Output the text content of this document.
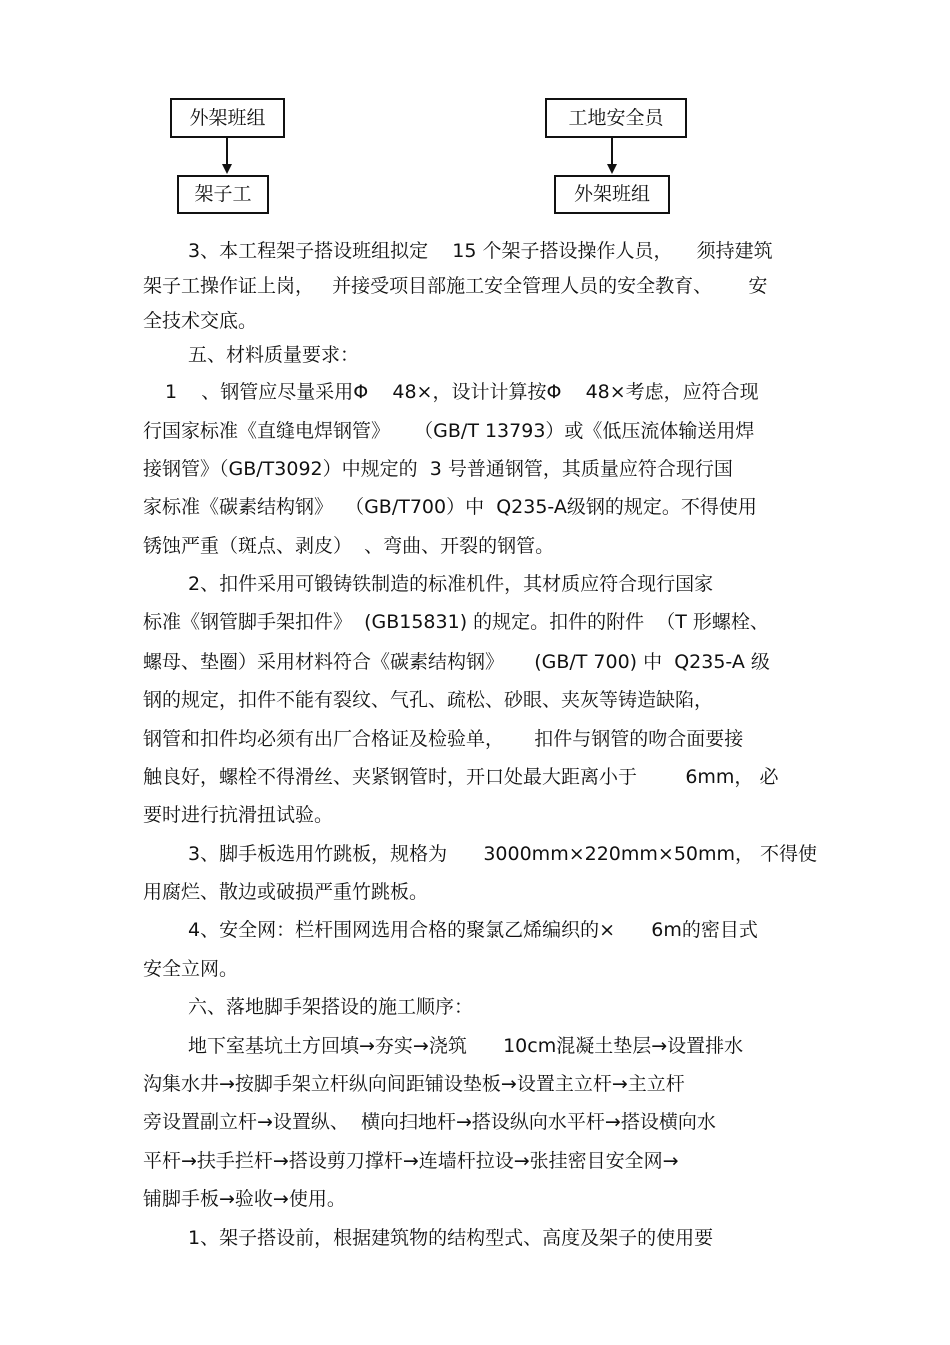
外架班组
架子工
工地安全员
外架班组
3、本工程架子搭设班组拟定    15 个架子搭设操作人员，    须持建筑
架子工操作证上岗，   并接受项目部施工安全管理人员的安全教育、      安
全技术交底。
五、材料质量要求：
1    、钢管应尽量采用Φ    48×，设计计算按Φ    48×考虑，应符合现
行国家标准《直缝电焊钢管》    （GB/T 13793）或《低压流体输送用焊
接钢管》（GB/T3092）中规定的  3 号普通钢管，其质量应符合现行国
家标准《碳素结构钢》  （GB/T700）中  Q235-A级钢的规定。不得使用
锈蚀严重（斑点、剥皮）  、弯曲、开裂的钢管。
2、扣件采用可锻铸铁制造的标准机件，其材质应符合现行国家
标准《钢管脚手架扣件》  (GB15831) 的规定。扣件的附件  （T 形螺栓、
螺母、垫圈）采用材料符合《碳素结构钢》     (GB/T 700) 中  Q235-A 级
钢的规定，扣件不能有裂纹、气孔、疏松、砂眼、夹灰等铸造缺陷，
钢管和扣件均必须有出厂合格证及检验单，     扣件与钢管的吻合面要接
触良好，螺栓不得滑丝、夹紧钢管时，开口处最大距离小于        6mm， 必
要时进行抗滑扭试验。
3、脚手板选用竹跳板，规格为      3000mm×220mm×50mm， 不得使
用腐烂、散边或破损严重竹跳板。
4、安全网：栏杆围网选用合格的聚氯乙烯编织的×      6m的密目式
安全立网。
六、落地脚手架搭设的施工顺序：
地下室基坑土方回填→夯实→浇筑      10cm混凝土垫层→设置排水
沟集水井→按脚手架立杆纵向间距铺设垫板→设置主立杆→主立杆
旁设置副立杆→设置纵、  横向扫地杆→搭设纵向水平杆→搭设横向水
平杆→扶手拦杆→搭设剪刀撑杆→连墙杆拉设→张挂密目安全网→
铺脚手板→验收→使用。
1、架子搭设前，根据建筑物的结构型式、高度及架子的使用要
